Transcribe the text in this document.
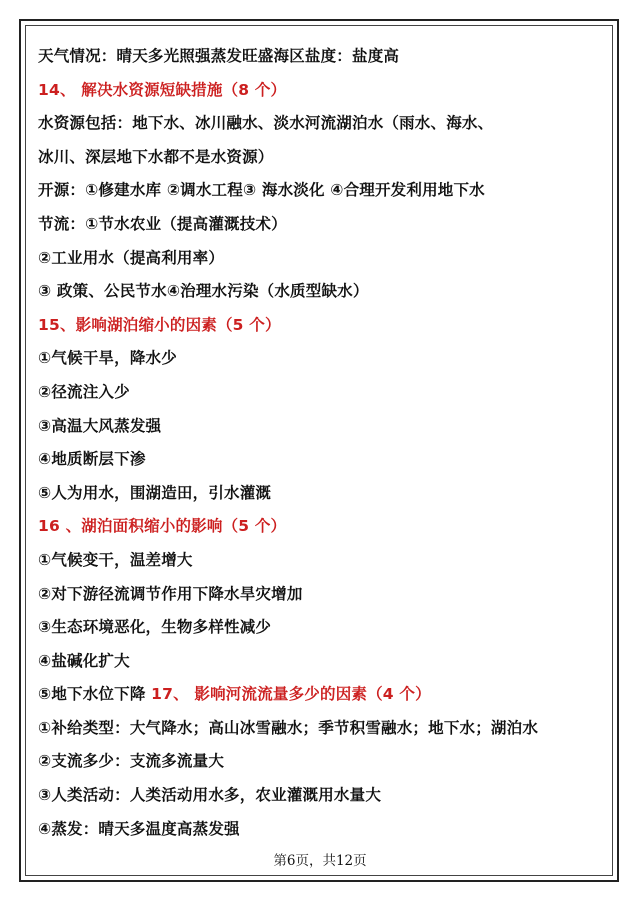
天气情况：晴天多光照强蒸发旺盛海区盐度：盐度高
14、 解决水资源短缺措施（8 个）
水资源包括：地下水、冰川融水、淡水河流湖泊水（雨水、海水、
冰川、深层地下水都不是水资源）
开源：①修建水库 ②调水工程③ 海水淡化 ④合理开发利用地下水
节流：①节水农业（提高灌溉技术）
②工业用水（提高利用率）
③ 政策、公民节水④治理水污染（水质型缺水）
15、影响湖泊缩小的因素（5 个）
①气候干旱，降水少
②径流注入少
③高温大风蒸发强
④地质断层下渗
⑤人为用水，围湖造田，引水灌溉
16 、湖泊面积缩小的影响（5 个）
①气候变干，温差增大
②对下游径流调节作用下降水旱灾增加
③生态环境恶化，生物多样性减少
④盐碱化扩大
⑤地下水位下降 17、 影响河流流量多少的因素（4 个）
①补给类型：大气降水；高山冰雪融水；季节积雪融水；地下水；湖泊水
②支流多少：支流多流量大
③人类活动：人类活动用水多，农业灌溉用水量大
④蒸发：晴天多温度高蒸发强
第6页，共12页
